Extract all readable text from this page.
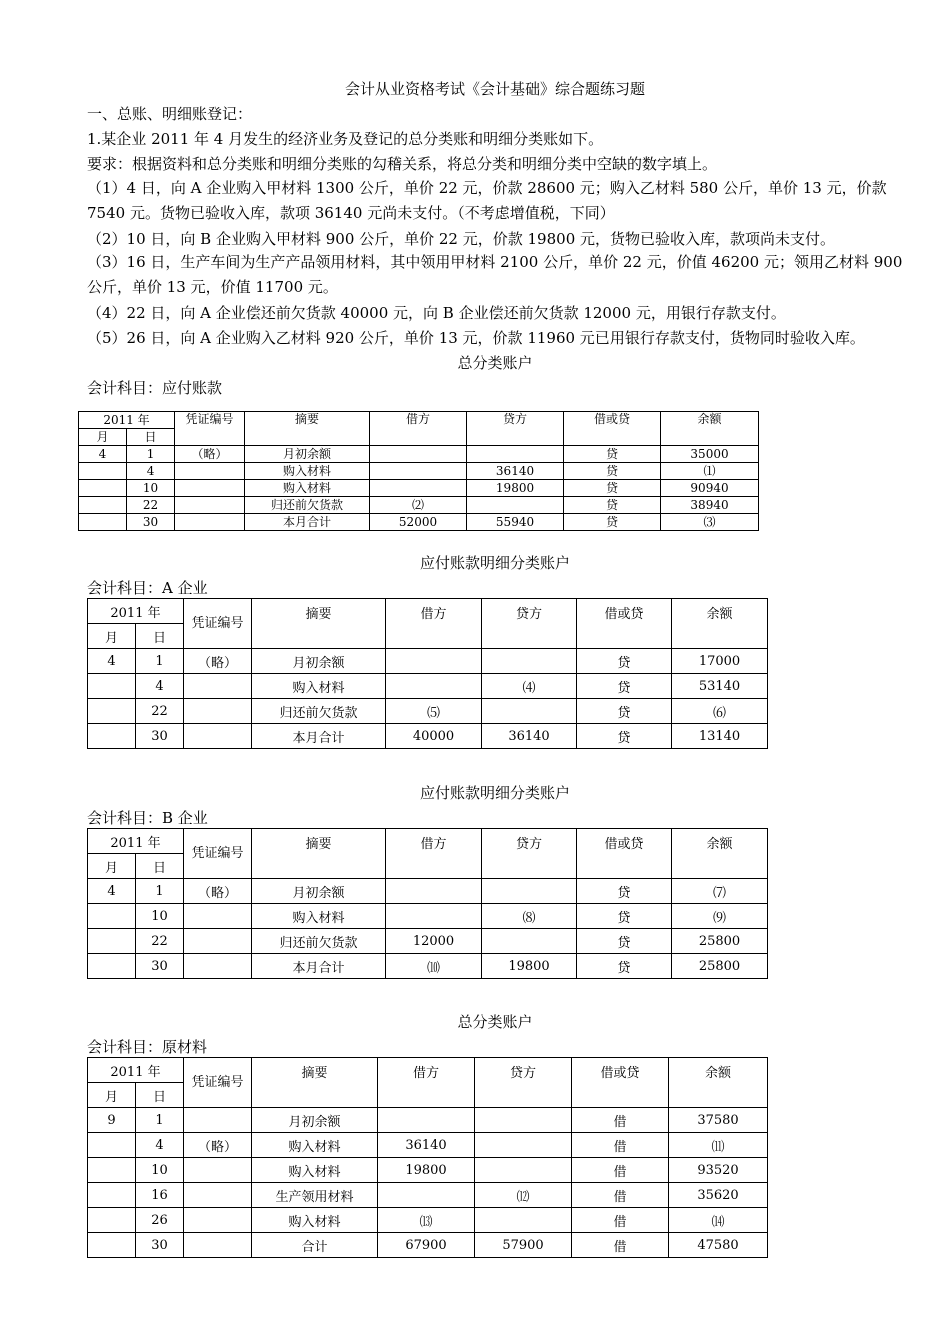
会计从业资格考试《会计基础》综合题练习题
一、总账、明细账登记：
1.某企业 2011 年 4 月发生的经济业务及登记的总分类账和明细分类账如下。
要求：根据资料和总分类账和明细分类账的勾稽关系，将总分类和明细分类中空缺的数字填上。
（1）4 日，向 A 企业购入甲材料 1300 公斤，单价 22 元，价款 28600 元；购入乙材料 580 公斤，单价 13 元，价款 7540 元。货物已验收入库，款项 36140 元尚未支付。（不考虑增值税，下同）
（2）10 日，向 B 企业购入甲材料 900 公斤，单价 22 元，价款 19800 元，货物已验收入库，款项尚未支付。
（3）16 日，生产车间为生产产品领用材料，其中领用甲材料 2100 公斤，单价 22 元，价值 46200 元；领用乙材料 900 公斤，单价 13 元，价值 11700 元。
（4）22 日，向 A 企业偿还前欠货款 40000 元，向 B 企业偿还前欠货款 12000 元，用银行存款支付。
（5）26 日，向 A 企业购入乙材料 920 公斤，单价 13 元，价款 11960 元已用银行存款支付，货物同时验收入库。
总分类账户
会计科目：应付账款
2011 年		凭证编号	摘要	借方	贷方	借或贷	余额
月	日						
4	1	（略）	月初余额			贷	35000
	4		购入材料		36140	贷	⑴
	10		购入材料		19800	贷	90940
	22		归还前欠货款	⑵		贷	38940
	30		本月合计	52000	55940	贷	⑶
应付账款明细分类账户
会计科目：A 企业
2011 年		凭证编号	摘要	借方	贷方	借或贷	余额
月	日						
4	1	（略）	月初余额			贷	17000
	4		购入材料		⑷	贷	53140
	22		归还前欠货款	⑸		贷	⑹
	30		本月合计	40000	36140	贷	13140
应付账款明细分类账户
会计科目：B 企业
2011 年		凭证编号	摘要	借方	贷方	借或贷	余额
月	日						
4	1	（略）	月初余额			贷	⑺
	10		购入材料		⑻	贷	⑼
	22		归还前欠货款	12000		贷	25800
	30		本月合计	⑽	19800	贷	25800
总分类账户
会计科目：原材料
2011 年		凭证编号	摘要	借方	贷方	借或贷	余额
月	日						
9	1		月初余额			借	37580
	4	（略）	购入材料	36140		借	⑾
	10		购入材料	19800		借	93520
	16		生产领用材料		⑿	借	35620
	26		购入材料	⒀		借	⒁
	30		合计	67900	57900	借	47580
